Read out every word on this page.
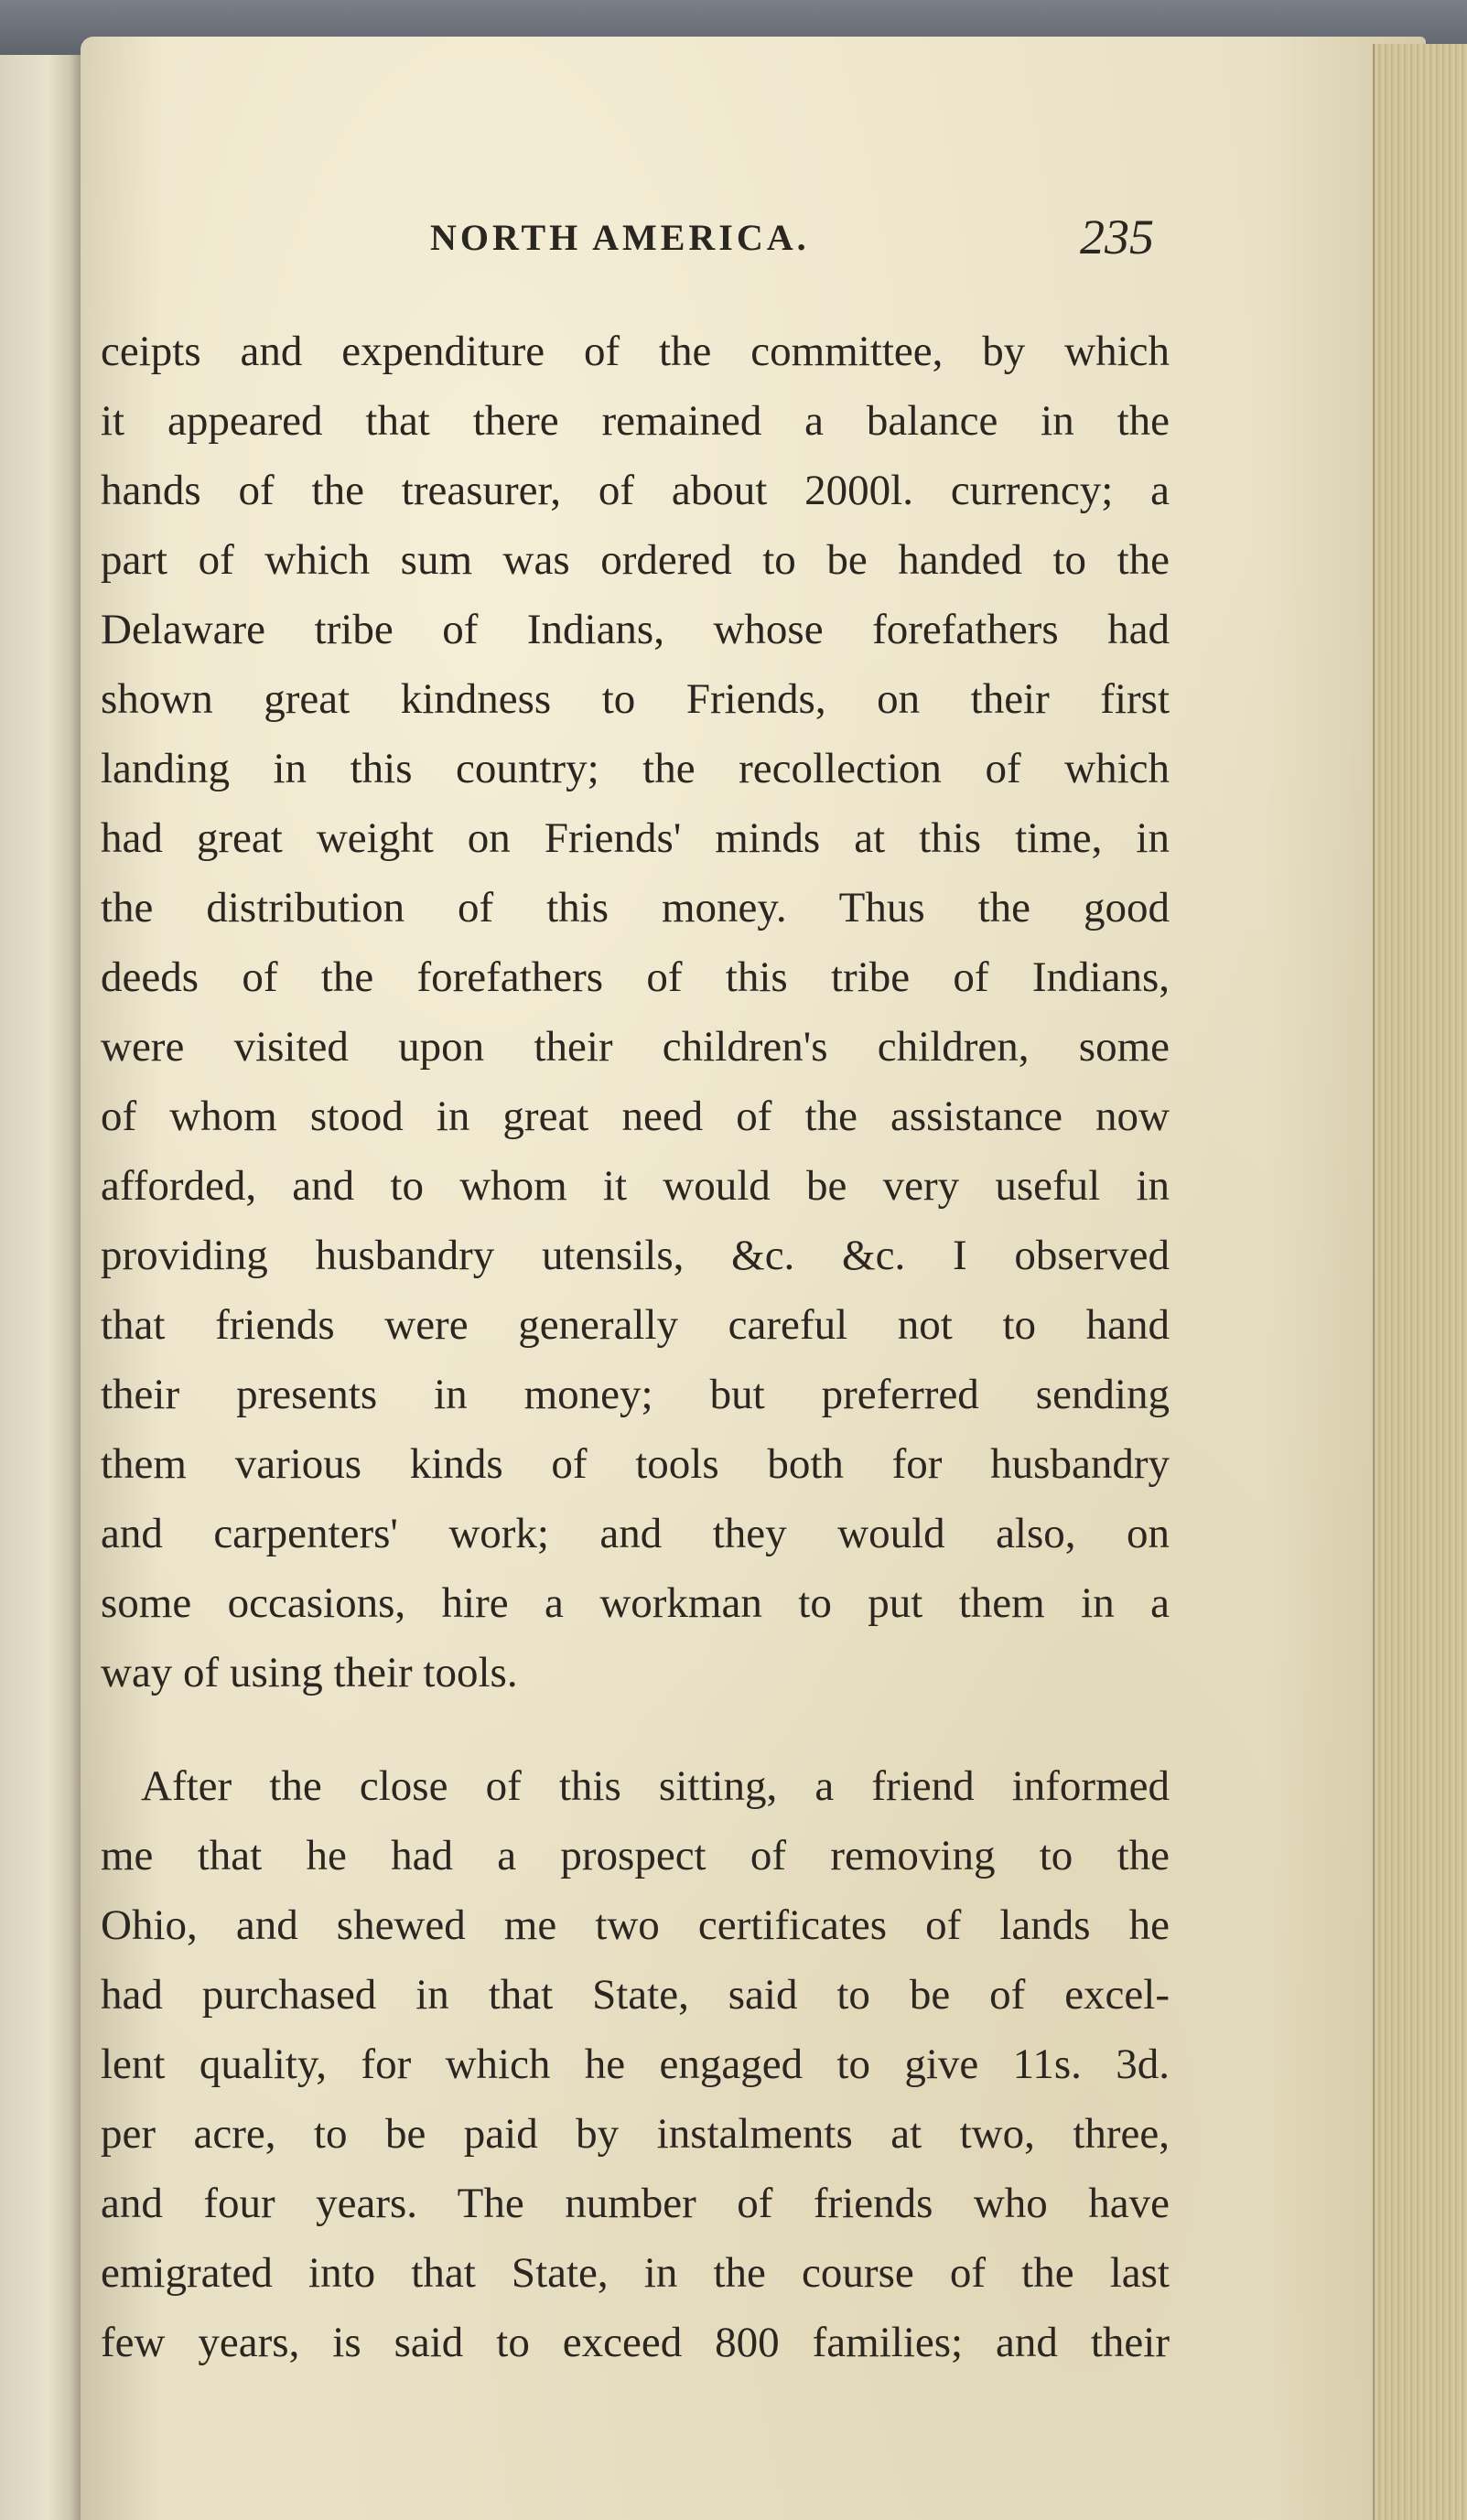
NORTH AMERICA.	235
ceipts and expenditure of the committee, by which
it appeared that there remained a balance in the
hands of the treasurer, of about 2000l. currency; a
part of which sum was ordered to be handed to the
Delaware tribe of Indians, whose forefathers had
shown great kindness to Friends, on their first
landing in this country; the recollection of which
had great weight on Friends' minds at this time, in
the distribution of this money. Thus the good
deeds of the forefathers of this tribe of Indians,
were visited upon their children's children, some
of whom stood in great need of the assistance now
afforded, and to whom it would be very useful in
providing husbandry utensils, &c. &c. I observed
that friends were generally careful not to hand
their presents in money; but preferred sending
them various kinds of tools both for husbandry
and carpenters' work; and they would also, on
some occasions, hire a workman to put them in a
way of using their tools.
After the close of this sitting, a friend informed
me that he had a prospect of removing to the
Ohio, and shewed me two certificates of lands he
had purchased in that State, said to be of excel-
lent quality, for which he engaged to give 11s. 3d.
per acre, to be paid by instalments at two, three,
and four years. The number of friends who have
emigrated into that State, in the course of the last
few years, is said to exceed 800 families; and their
